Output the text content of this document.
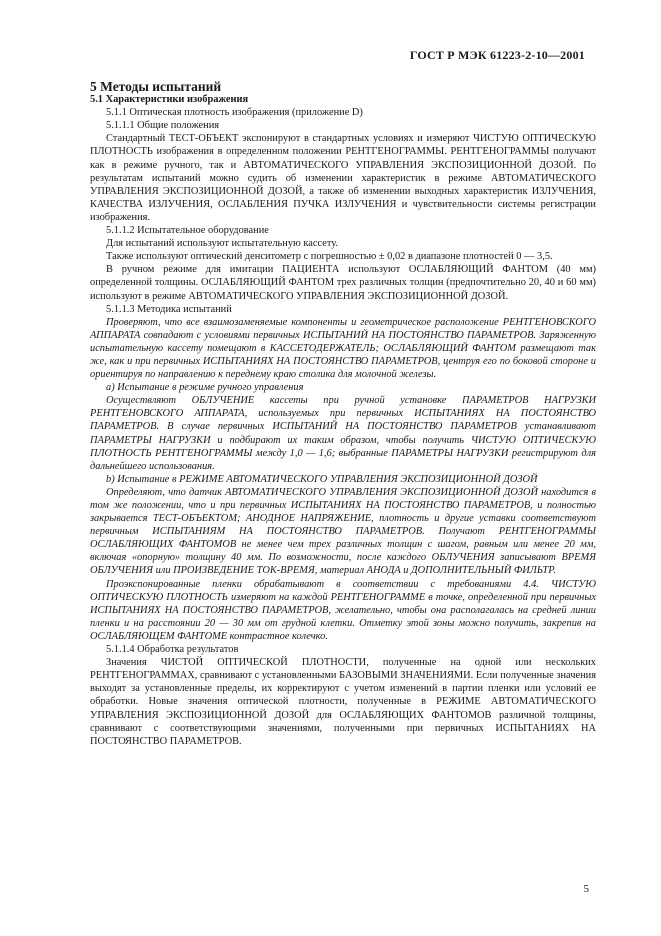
ГОСТ Р МЭК 61223-2-10—2001

5 Методы испытаний

5.1 Характеристики изображения

5.1.1 Оптическая плотность изображения (приложение D)

5.1.1.1 Общие положения

Стандартный ТЕСТ-ОБЪЕКТ экспонируют в стандартных условиях и измеряют ЧИСТУЮ ОПТИЧЕСКУЮ ПЛОТНОСТЬ изображения в определенном положении РЕНТГЕНОГРАММЫ. РЕНТГЕНОГРАММЫ получают как в режиме ручного, так и АВТОМАТИЧЕСКОГО УПРАВЛЕНИЯ ЭКСПОЗИЦИОННОЙ ДОЗОЙ. По результатам испытаний можно судить об изменении характеристик в режиме АВТОМАТИЧЕСКОГО УПРАВЛЕНИЯ ЭКСПОЗИЦИОННОЙ ДОЗОЙ, а также об изменении выходных характеристик ИЗЛУЧЕНИЯ, КАЧЕСТВА ИЗЛУЧЕНИЯ, ОСЛАБЛЕНИЯ ПУЧКА ИЗЛУЧЕНИЯ и чувствительности системы регистрации изображения.

5.1.1.2 Испытательное оборудование

Для испытаний используют испытательную кассету.

Также используют оптический денситометр с погрешностью ± 0,02 в диапазоне плотностей 0 — 3,5.

В ручном режиме для имитации ПАЦИЕНТА используют ОСЛАБЛЯЮЩИЙ ФАНТОМ (40 мм) определенной толщины. ОСЛАБЛЯЮЩИЙ ФАНТОМ трех различных толщин (предпочтительно 20, 40 и 60 мм) используют в режиме АВТОМАТИЧЕСКОГО УПРАВЛЕНИЯ ЭКСПОЗИЦИОННОЙ ДОЗОЙ.

5.1.1.3 Методика испытаний

Проверяют, что все взаимозаменяемые компоненты и геометрическое расположение РЕНТГЕНОВСКОГО АППАРАТА совпадают с условиями первичных ИСПЫТАНИЙ НА ПОСТОЯНСТВО ПАРАМЕТРОВ. Заряженную испытательную кассету помещают в КАССЕТОДЕРЖАТЕЛЬ; ОСЛАБЛЯЮЩИЙ ФАНТОМ размещают так же, как и при первичных ИСПЫТАНИЯХ НА ПОСТОЯНСТВО ПАРАМЕТРОВ, центруя его по боковой стороне и ориентируя по направлению к переднему краю столика для молочной железы.

а) Испытание в режиме ручного управления

Осуществляют ОБЛУЧЕНИЕ кассеты при ручной установке ПАРАМЕТРОВ НАГРУЗКИ РЕНТГЕНОВСКОГО АППАРАТА, используемых при первичных ИСПЫТАНИЯХ НА ПОСТОЯНСТВО ПАРАМЕТРОВ. В случае первичных ИСПЫТАНИЙ НА ПОСТОЯНСТВО ПАРАМЕТРОВ устанавливают ПАРАМЕТРЫ НАГРУЗКИ и подбирают их таким образом, чтобы получить ЧИСТУЮ ОПТИЧЕСКУЮ ПЛОТНОСТЬ РЕНТГЕНОГРАММЫ между 1,0 — 1,6; выбранные ПАРАМЕТРЫ НАГРУЗКИ регистрируют для дальнейшего использования.

b) Испытание в РЕЖИМЕ АВТОМАТИЧЕСКОГО УПРАВЛЕНИЯ ЭКСПОЗИЦИОННОЙ ДОЗОЙ

Определяют, что датчик АВТОМАТИЧЕСКОГО УПРАВЛЕНИЯ ЭКСПОЗИЦИОННОЙ ДОЗОЙ находится в том же положении, что и при первичных ИСПЫТАНИЯХ НА ПОСТОЯНСТВО ПАРАМЕТРОВ, и полностью закрывается ТЕСТ-ОБЪЕКТОМ; АНОДНОЕ НАПРЯЖЕНИЕ, плотность и другие уставки соответствуют первичным ИСПЫТАНИЯМ НА ПОСТОЯНСТВО ПАРАМЕТРОВ. Получают РЕНТГЕНОГРАММЫ ОСЛАБЛЯЮЩИХ ФАНТОМОВ не менее чем трех различных толщин с шагом, равным или менее 20 мм, включая «опорную» толщину 40 мм. По возможности, после каждого ОБЛУЧЕНИЯ записывают ВРЕМЯ ОБЛУЧЕНИЯ или ПРОИЗВЕДЕНИЕ ТОК-ВРЕМЯ, материал АНОДА и ДОПОЛНИТЕЛЬНЫЙ ФИЛЬТР.

Проэкспонированные пленки обрабатывают в соответствии с требованиями 4.4. ЧИСТУЮ ОПТИЧЕСКУЮ ПЛОТНОСТЬ измеряют на каждой РЕНТГЕНОГРАММЕ в точке, определенной при первичных ИСПЫТАНИЯХ НА ПОСТОЯНСТВО ПАРАМЕТРОВ, желательно, чтобы она располагалась на средней линии пленки и на расстоянии 20 — 30 мм от грудной клетки. Отметку этой зоны можно получить, закрепив на ОСЛАБЛЯЮЩЕМ ФАНТОМЕ контрастное колечко.

5.1.1.4 Обработка результатов

Значения ЧИСТОЙ ОПТИЧЕСКОЙ ПЛОТНОСТИ, полученные на одной или нескольких РЕНТГЕНОГРАММАХ, сравнивают с установленными БАЗОВЫМИ ЗНАЧЕНИЯМИ. Если полученные значения выходят за установленные пределы, их корректируют с учетом изменений в партии пленки или условий ее обработки. Новые значения оптической плотности, полученные в РЕЖИМЕ АВТОМАТИЧЕСКОГО УПРАВЛЕНИЯ ЭКСПОЗИЦИОННОЙ ДОЗОЙ для ОСЛАБЛЯЮЩИХ ФАНТОМОВ различной толщины, сравнивают с соответствующими значениями, полученными при первичных ИСПЫТАНИЯХ НА ПОСТОЯНСТВО ПАРАМЕТРОВ.

5
